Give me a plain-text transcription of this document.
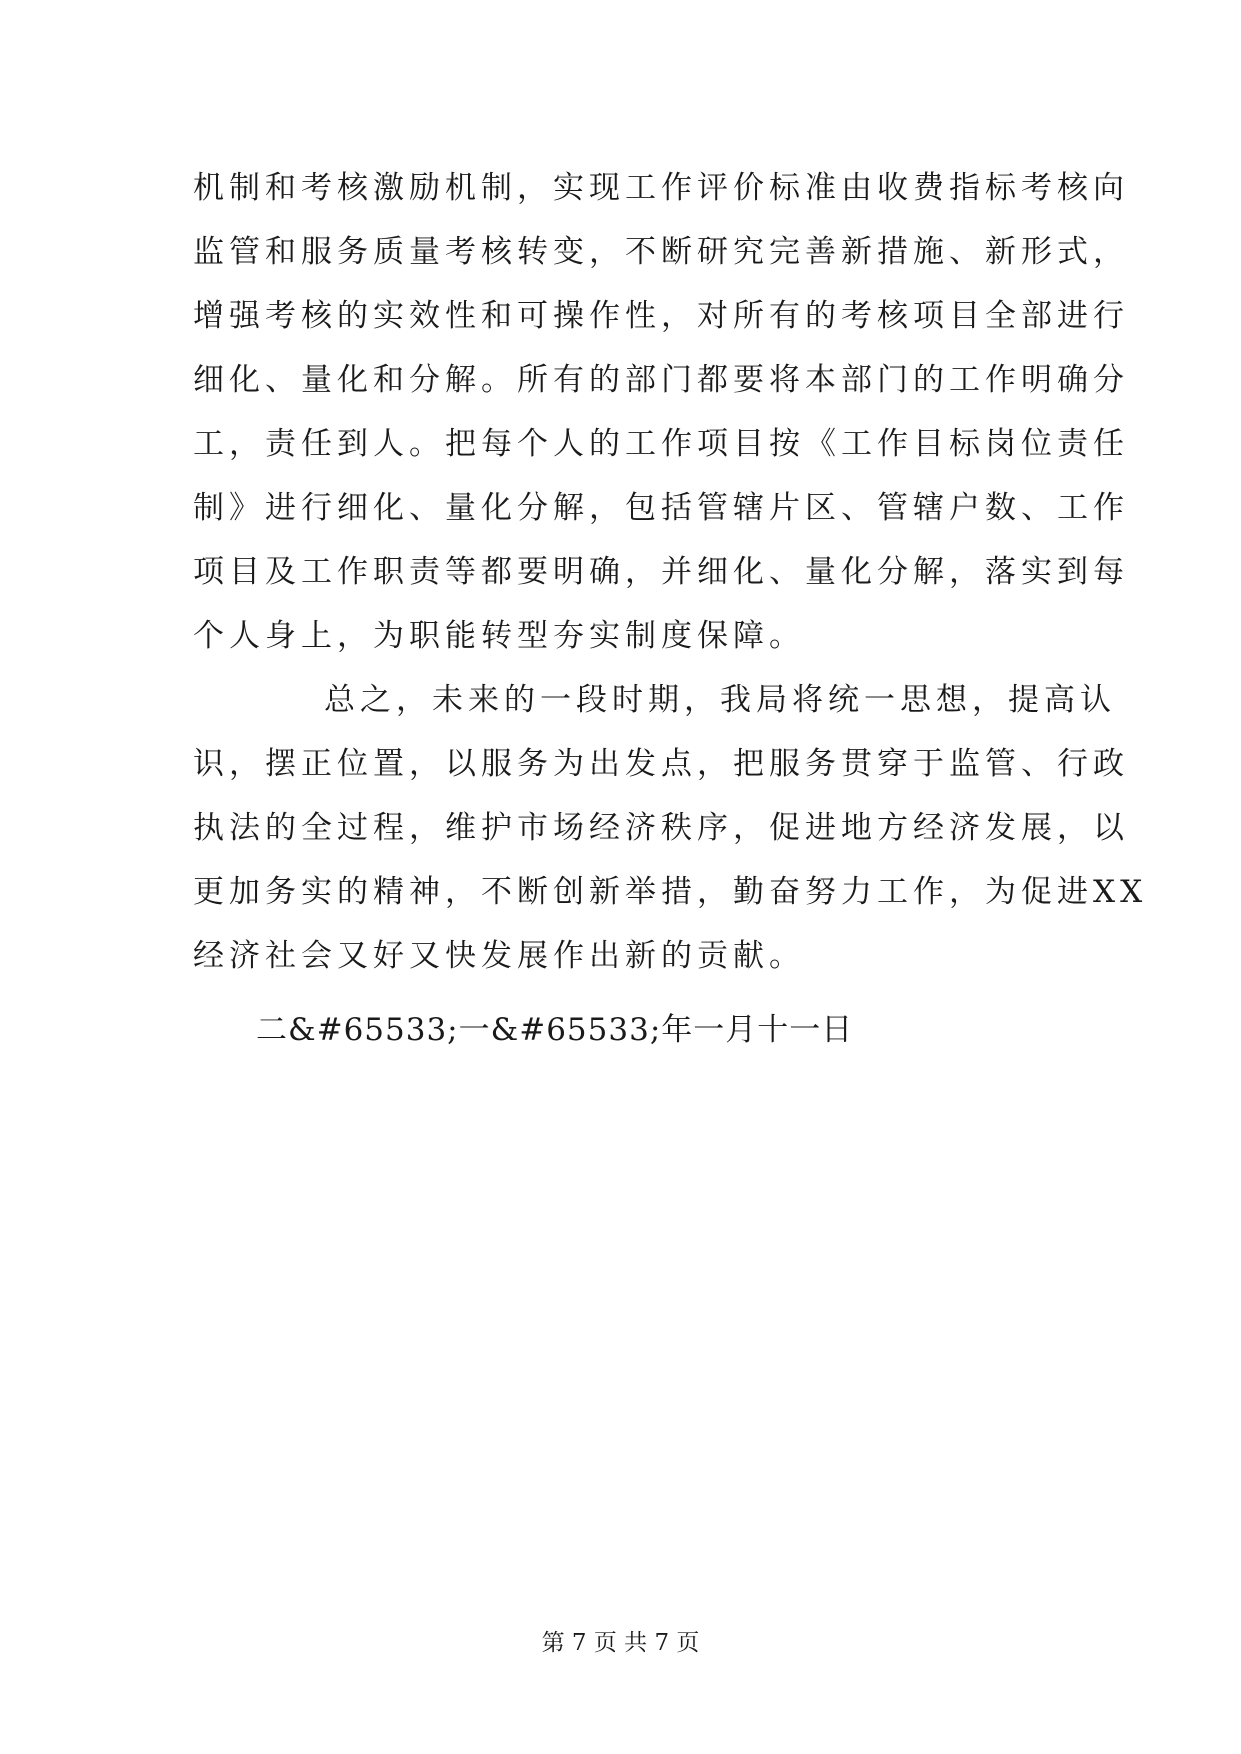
机制和考核激励机制，实现工作评价标准由收费指标考核向
监管和服务质量考核转变，不断研究完善新措施、新形式，
增强考核的实效性和可操作性，对所有的考核项目全部进行
细化、量化和分解。所有的部门都要将本部门的工作明确分
工，责任到人。把每个人的工作项目按《工作目标岗位责任
制》进行细化、量化分解，包括管辖片区、管辖户数、工作
项目及工作职责等都要明确，并细化、量化分解，落实到每
个人身上，为职能转型夯实制度保障。
总之，未来的一段时期，我局将统一思想，提高认
识，摆正位置，以服务为出发点，把服务贯穿于监管、行政
执法的全过程，维护市场经济秩序，促进地方经济发展，以
更加务实的精神，不断创新举措，勤奋努力工作，为促进XX
经济社会又好又快发展作出新的贡献。
二&#65533;一&#65533;年一月十一日
第 7 页 共 7 页
